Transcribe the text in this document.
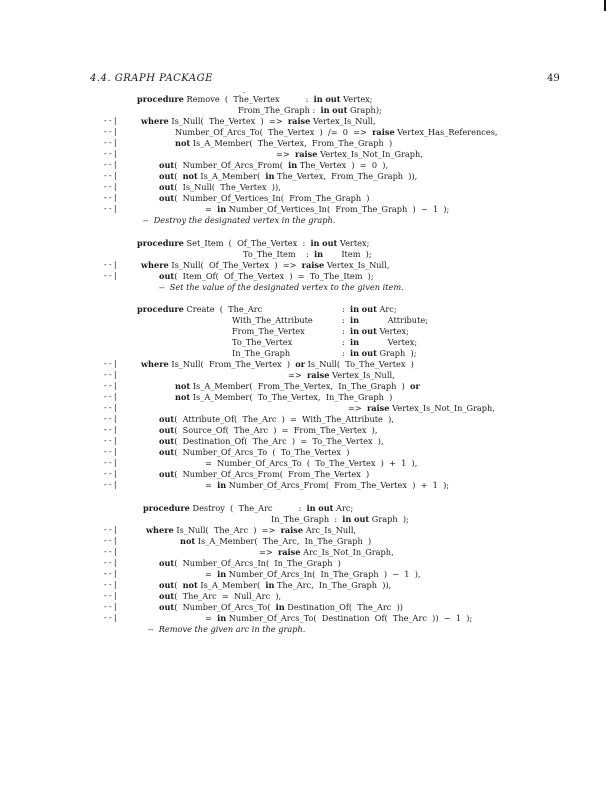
4.4. GRAPH PACKAGE	49
procedure Remove  (  The_Vertex          :  in out Vertex;
From_The_Graph :  in out Graph);
--|	where Is_Null(  The_Vertex  )  =>  raise Vertex_Is_Null,
--|	Number_Of_Arcs_To(  The_Vertex  )  /=  0  =>  raise Vertex_Has_References,
--|	not Is_A_Member(  The_Vertex,  From_The_Graph  )
--|	=>  raise Vertex_Is_Not_In_Graph,
--|	out(  Number_Of_Arcs_From(  in The_Vertex  )  =  0  ),
--|	out(  not Is_A_Member(  in The_Vertex,  From_The_Graph  )),
--|	out(  Is_Null(  The_Vertex  )),
--|	out(  Number_Of_Vertices_In(  From_The_Graph  )
--|	=  in Number_Of_Vertices_In(  From_The_Graph  )  −  1  );
--  Destroy the designated vertex in the graph.
procedure Set_Item  (  Of_The_Vertex  :  in out Vertex;
To_The_Item    :  in       Item  );
--|	where Is_Null(  Of_The_Vertex  )  =>  raise Vertex_Is_Null,
--|	out(  Item_Of(  Of_The_Vertex  )  =  To_The_Item  );
--  Set the value of the designated vertex to the given item.
procedure Create  (  The_Arc	:  in out Arc;
With_The_Attribute	:  in           Attribute;
From_The_Vertex	:  in out Vertex;
To_The_Vertex	:  in           Vertex;
In_The_Graph	:  in out Graph  );
--|	where Is_Null(  From_The_Vertex  )  or Is_Null(  To_The_Vertex  )
--|	=>  raise Vertex_Is_Null,
--|	not Is_A_Member(  From_The_Vertex,  In_The_Graph  )  or
--|	not Is_A_Member(  To_The_Vertex,  In_The_Graph  )
--|	=>  raise Vertex_Is_Not_In_Graph,
--|	out(  Attribute_Of(  The_Arc  )  =  With_The_Attribute  ),
--|	out(  Source_Of(  The_Arc  )  =  From_The_Vertex  ),
--|	out(  Destination_Of(  The_Arc  )  =  To_The_Vertex  ),
--|	out(  Number_Of_Arcs_To  (  To_The_Vertex  )
--|	=  Number_Of_Arcs_To  (  To_The_Vertex  )  +  1  ),
--|	out(  Number_Of_Arcs_From(  From_The_Vertex  )
--|	=  in Number_Of_Arcs_From(  From_The_Vertex  )  +  1  );
procedure Destroy  (  The_Arc          :  in out Arc;
In_The_Graph  :  in out Graph  );
--|	where Is_Null(  The_Arc  )  =>  raise Arc_Is_Null,
--|	not Is_A_Member(  The_Arc,  In_The_Graph  )
--|	=>  raise Arc_Is_Not_In_Graph,
--|	out(  Number_Of_Arcs_In(  In_The_Graph  )
--|	=  in Number_Of_Arcs_In(  In_The_Graph  )  −  1  ),
--|	out(  not Is_A_Member(  in The_Arc,  In_The_Graph  )),
--|	out(  The_Arc  =  Null_Arc  ),
--|	out(  Number_Of_Arcs_To(  in Destination_Of(  The_Arc  ))
--|	=  in Number_Of_Arcs_To(  Destination  Of(  The_Arc  ))  −  1  );
--  Remove the given arc in the graph.
